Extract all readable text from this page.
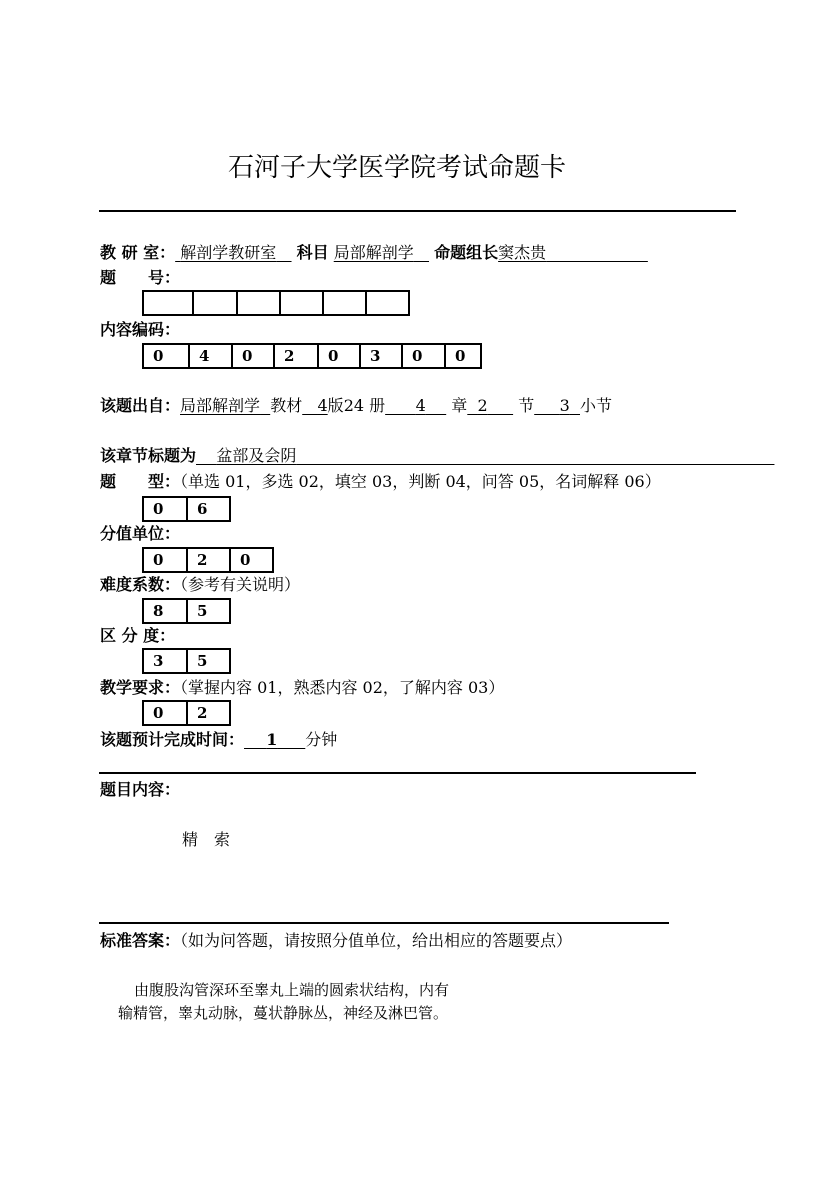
石河子大学医学院考试命题卡
教 研 室： 解剖学教研室 科目 局部解剖学 命题组长窦杰贵
题　　号：
内容编码：
0	4	0	2	0	3	0	0
该题出自：局部解剖学 教材 4版24 册 4 章 2 节 3 小节
该章节标题为 盆部及会阴
题　　型：（单选 01，多选 02，填空 03，判断 04，问答 05，名词解释 06）
0	6
分值单位：
0	2	0
难度系数：（参考有关说明）
8	5
区 分 度：
3	5
教学要求：（掌握内容 01，熟悉内容 02，了解内容 03）
0	2
该题预计完成时间： 1 分钟
题目内容：
精　索
标准答案：（如为问答题，请按照分值单位，给出相应的答题要点）
由腹股沟管深环至睾丸上端的圆索状结构，内有
输精管，睾丸动脉，蔓状静脉丛，神经及淋巴管。
